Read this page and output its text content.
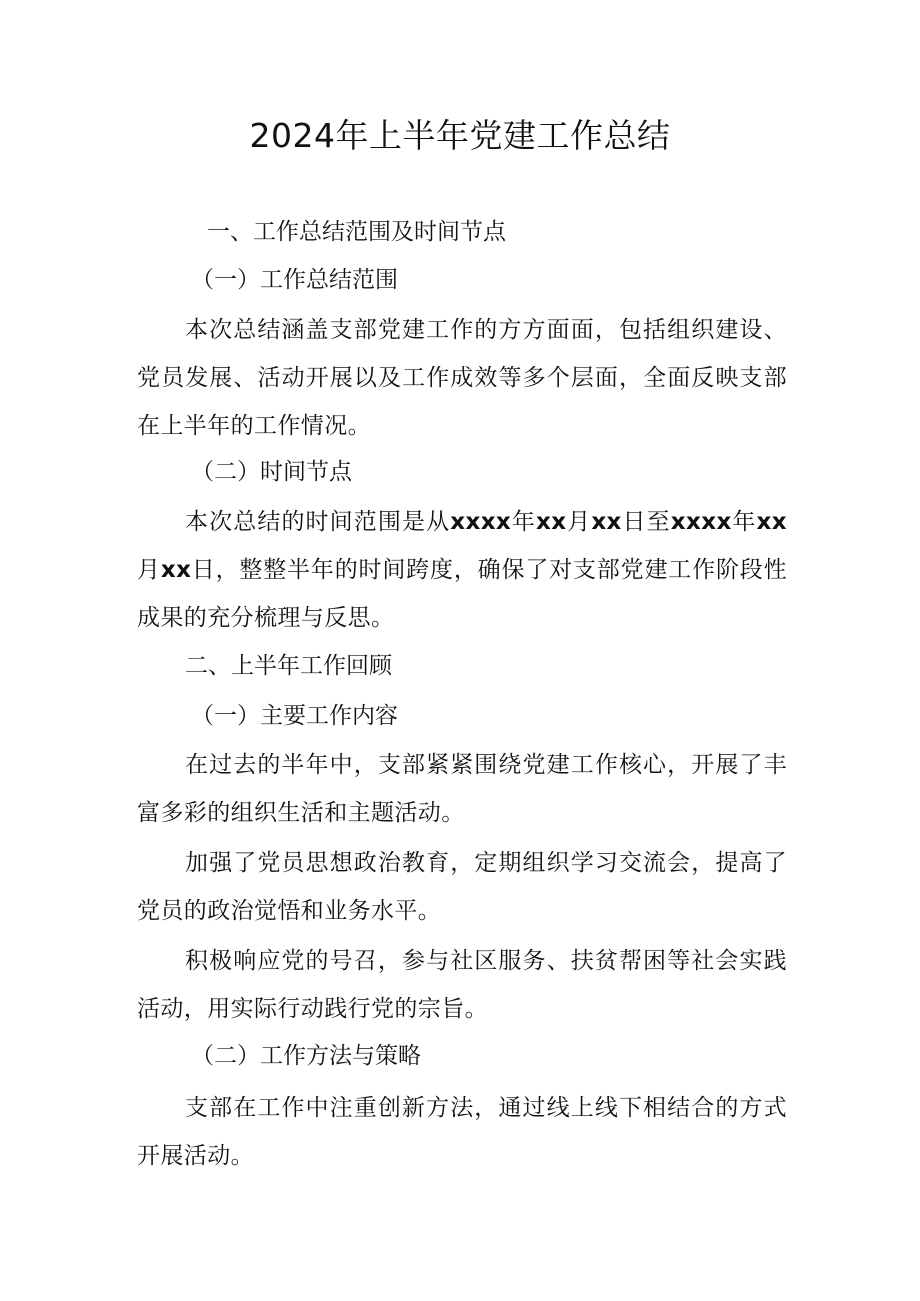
2024年上半年党建工作总结

一、工作总结范围及时间节点

（一）工作总结范围

本次总结涵盖支部党建工作的方方面面，包括组织建设、党员发展、活动开展以及工作成效等多个层面，全面反映支部在上半年的工作情况。

（二）时间节点

本次总结的时间范围是从xxxx年xx月xx日至xxxx年xx月xx日，整整半年的时间跨度，确保了对支部党建工作阶段性成果的充分梳理与反思。

二、上半年工作回顾

（一）主要工作内容

在过去的半年中，支部紧紧围绕党建工作核心，开展了丰富多彩的组织生活和主题活动。

加强了党员思想政治教育，定期组织学习交流会，提高了党员的政治觉悟和业务水平。

积极响应党的号召，参与社区服务、扶贫帮困等社会实践活动，用实际行动践行党的宗旨。

（二）工作方法与策略

支部在工作中注重创新方法，通过线上线下相结合的方式开展活动。
